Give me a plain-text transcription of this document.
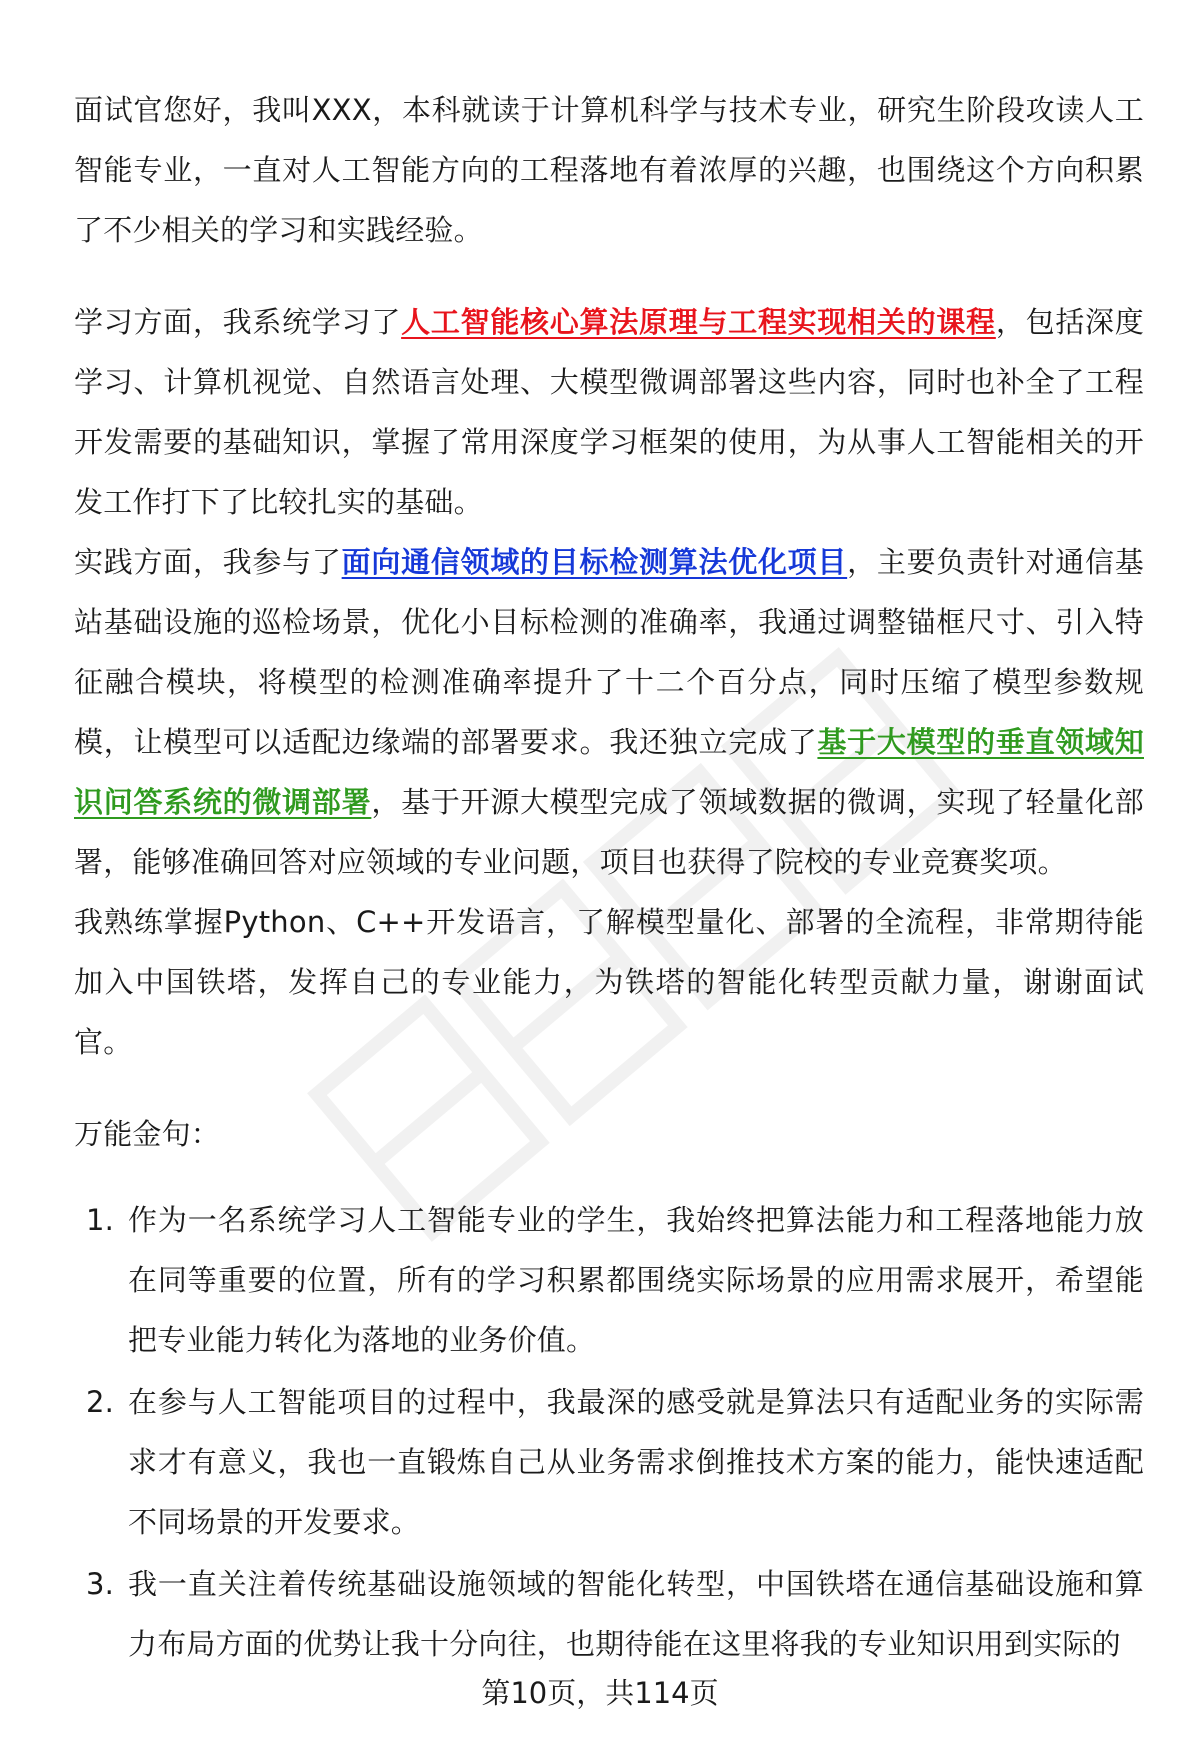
面试官您好，我叫XXX，本科就读于计算机科学与技术专业，研究生阶段攻读人工智能专业，一直对人工智能方向的工程落地有着浓厚的兴趣，也围绕这个方向积累了不少相关的学习和实践经验。

学习方面，我系统学习了人工智能核心算法原理与工程实现相关的课程，包括深度学习、计算机视觉、自然语言处理、大模型微调部署这些内容，同时也补全了工程开发需要的基础知识，掌握了常用深度学习框架的使用，为从事人工智能相关的开发工作打下了比较扎实的基础。

实践方面，我参与了面向通信领域的目标检测算法优化项目，主要负责针对通信基站基础设施的巡检场景，优化小目标检测的准确率，我通过调整锚框尺寸、引入特征融合模块，将模型的检测准确率提升了十二个百分点，同时压缩了模型参数规模，让模型可以适配边缘端的部署要求。我还独立完成了基于大模型的垂直领域知识问答系统的微调部署，基于开源大模型完成了领域数据的微调，实现了轻量化部署，能够准确回答对应领域的专业问题，项目也获得了院校的专业竞赛奖项。

我熟练掌握Python、C++开发语言，了解模型量化、部署的全流程，非常期待能加入中国铁塔，发挥自己的专业能力，为铁塔的智能化转型贡献力量，谢谢面试官。

万能金句：

1. 作为一名系统学习人工智能专业的学生，我始终把算法能力和工程落地能力放在同等重要的位置，所有的学习积累都围绕实际场景的应用需求展开，希望能把专业能力转化为落地的业务价值。
2. 在参与人工智能项目的过程中，我最深的感受就是算法只有适配业务的实际需求才有意义，我也一直锻炼自己从业务需求倒推技术方案的能力，能快速适配不同场景的开发要求。
3. 我一直关注着传统基础设施领域的智能化转型，中国铁塔在通信基础设施和算力布局方面的优势让我十分向往，也期待能在这里将我的专业知识用到实际的
第10页，共114页
